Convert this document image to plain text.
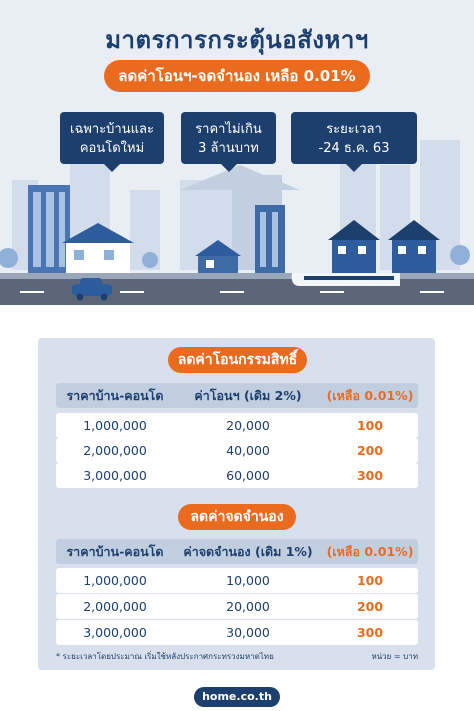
มาตรการกระตุ้นอสังหาฯ
ลดค่าโอนฯ-จดจำนอง เหลือ 0.01%
เฉพาะบ้านและ
คอนโดใหม่
ราคาไม่เกิน
3 ล้านบาท
ระยะเวลา
-24 ธ.ค. 63
ลดค่าโอนกรรมสิทธิ์
ราคาบ้าน-คอนโด	ค่าโอนฯ (เดิม 2%)	(เหลือ 0.01%)
1,000,000	20,000	100
2,000,000	40,000	200
3,000,000	60,000	300
ลดค่าจดจำนอง
ราคาบ้าน-คอนโด	ค่าจดจำนอง (เดิม 1%)	(เหลือ 0.01%)
1,000,000	10,000	100
2,000,000	20,000	200
3,000,000	30,000	300
* ระยะเวลาโดยประมาณ เริ่มใช้หลังประกาศกระทรวงมหาดไทย	หน่วย = บาท
home.co.th
